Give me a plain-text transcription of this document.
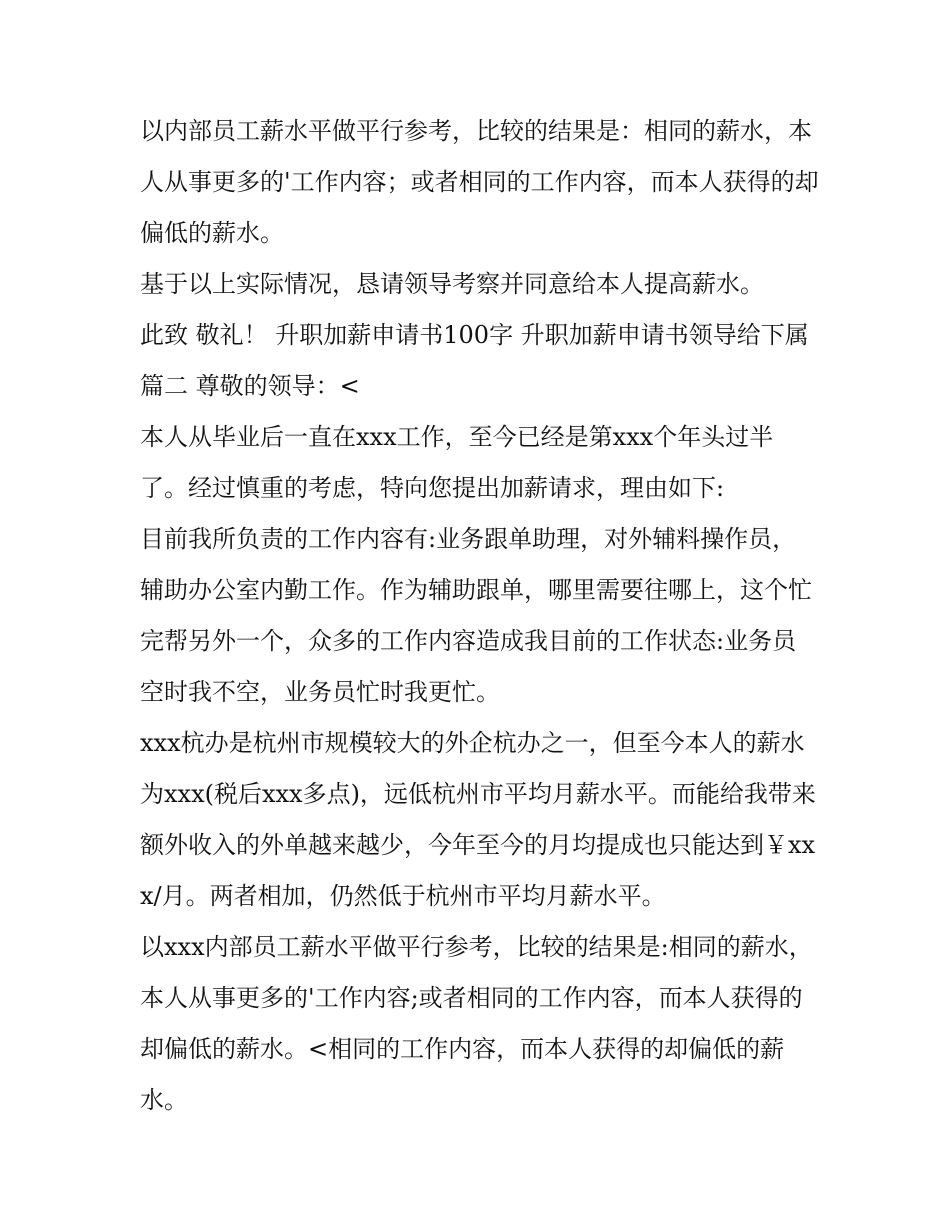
以内部员工薪水平做平行参考，比较的结果是：相同的薪水，本人从事更多的'工作内容；或者相同的工作内容，而本人获得的却偏低的薪水。

基于以上实际情况，恳请领导考察并同意给本人提高薪水。

此致 敬礼！ 升职加薪申请书100字 升职加薪申请书领导给下属篇二 尊敬的领导：<

本人从毕业后一直在xxx工作，至今已经是第xxx个年头过半了。经过慎重的考虑，特向您提出加薪请求，理由如下:

目前我所负责的工作内容有:业务跟单助理，对外辅料操作员，辅助办公室内勤工作。作为辅助跟单，哪里需要往哪上，这个忙完帮另外一个，众多的工作内容造成我目前的工作状态:业务员空时我不空，业务员忙时我更忙。

xxx杭办是杭州市规模较大的外企杭办之一，但至今本人的薪水为xxx(税后xxx多点)，远低杭州市平均月薪水平。而能给我带来额外收入的外单越来越少，今年至今的月均提成也只能达到￥xxx/月。两者相加，仍然低于杭州市平均月薪水平。

以xxx内部员工薪水平做平行参考，比较的结果是:相同的薪水，本人从事更多的'工作内容;或者相同的工作内容，而本人获得的却偏低的薪水。<相同的工作内容，而本人获得的却偏低的薪水。
